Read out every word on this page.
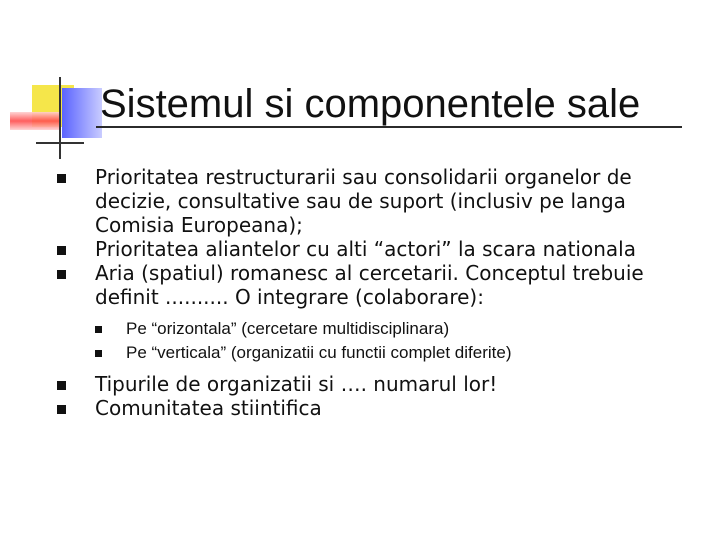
Sistemul si componentele sale
Prioritatea restructurarii sau consolidarii organelor de decizie, consultative sau de suport (inclusiv pe langa Comisia Europeana);
Prioritatea aliantelor cu alti “actori” la scara nationala
Aria (spatiul) romanesc al cercetarii. Conceptul trebuie definit .......... O integrare (colaborare):
Pe “orizontala” (cercetare multidisciplinara)
Pe “verticala” (organizatii cu functii complet diferite)
Tipurile de organizatii si …. numarul lor!
Comunitatea stiintifica
